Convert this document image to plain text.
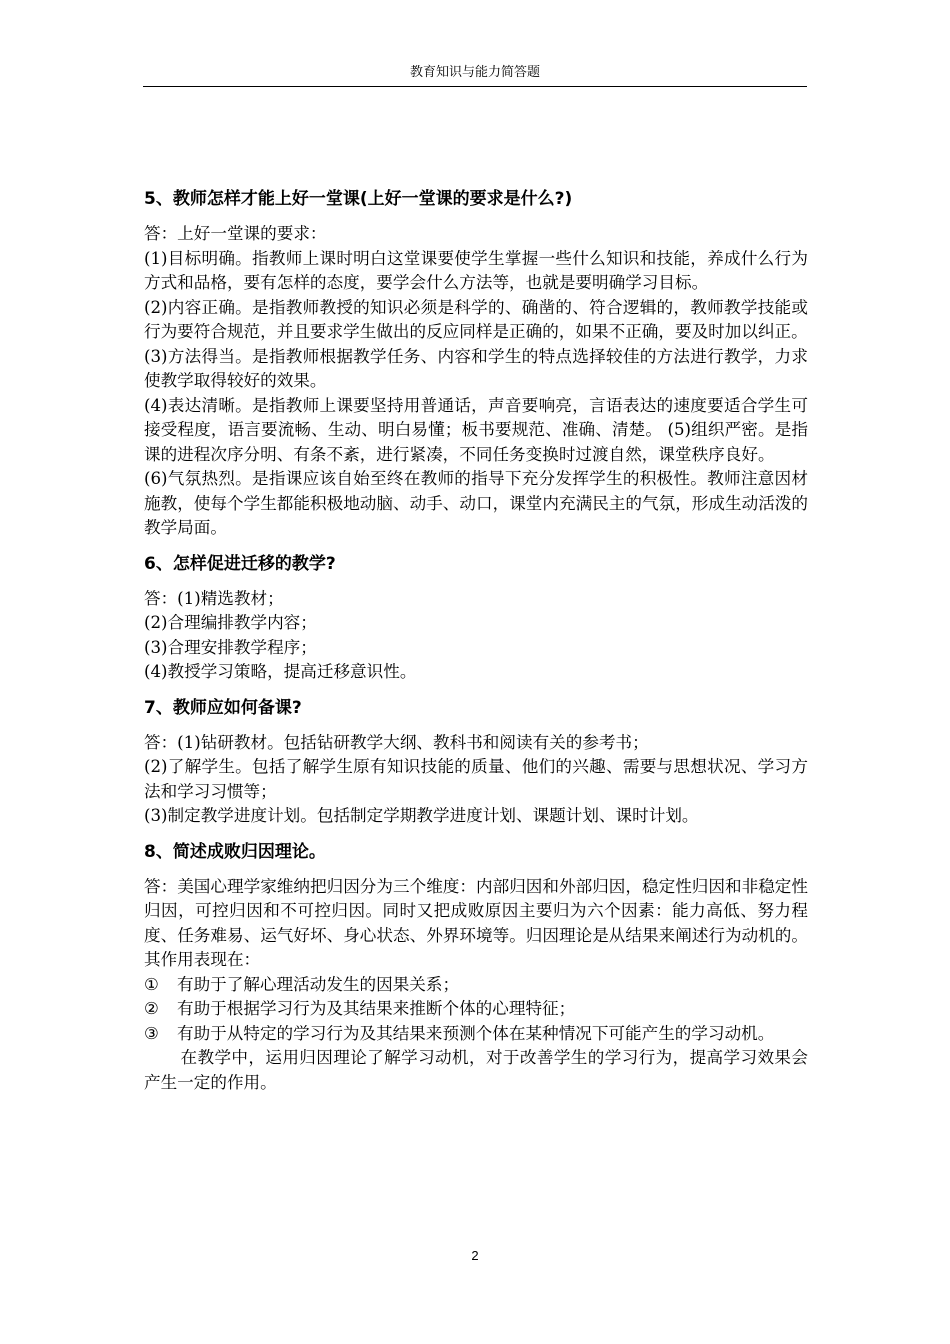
教育知识与能力简答题
5、教师怎样才能上好一堂课(上好一堂课的要求是什么?)

答：上好一堂课的要求：

(1)目标明确。指教师上课时明白这堂课要使学生掌握一些什么知识和技能，养成什么行为方式和品格，要有怎样的态度，要学会什么方法等，也就是要明确学习目标。

(2)内容正确。是指教师教授的知识必须是科学的、确凿的、符合逻辑的，教师教学技能或行为要符合规范，并且要求学生做出的反应同样是正确的，如果不正确，要及时加以纠正。

(3)方法得当。是指教师根据教学任务、内容和学生的特点选择较佳的方法进行教学，力求使教学取得较好的效果。

(4)表达清晰。是指教师上课要坚持用普通话，声音要响亮，言语表达的速度要适合学生可接受程度，语言要流畅、生动、明白易懂；板书要规范、准确、清楚。 (5)组织严密。是指课的进程次序分明、有条不紊，进行紧凑，不同任务变换时过渡自然，课堂秩序良好。

(6)气氛热烈。是指课应该自始至终在教师的指导下充分发挥学生的积极性。教师注意因材施教，使每个学生都能积极地动脑、动手、动口，课堂内充满民主的气氛，形成生动活泼的教学局面。

6、怎样促进迁移的教学?

答：(1)精选教材；

(2)合理编排教学内容；

(3)合理安排教学程序；

(4)教授学习策略，提高迁移意识性。

7、教师应如何备课?

答：(1)钻研教材。包括钻研教学大纲、教科书和阅读有关的参考书；

(2)了解学生。包括了解学生原有知识技能的质量、他们的兴趣、需要与思想状况、学习方法和学习习惯等；

(3)制定教学进度计划。包括制定学期教学进度计划、课题计划、课时计划。

8、简述成败归因理论。

答：美国心理学家维纳把归因分为三个维度：内部归因和外部归因，稳定性归因和非稳定性归因，可控归因和不可控归因。同时又把成败原因主要归为六个因素：能力高低、努力程度、任务难易、运气好坏、身心状态、外界环境等。归因理论是从结果来阐述行为动机的。其作用表现在：

① 有助于了解心理活动发生的因果关系；

② 有助于根据学习行为及其结果来推断个体的心理特征；

③ 有助于从特定的学习行为及其结果来预测个体在某种情况下可能产生的学习动机。

在教学中，运用归因理论了解学习动机，对于改善学生的学习行为，提高学习效果会产生一定的作用。

2
